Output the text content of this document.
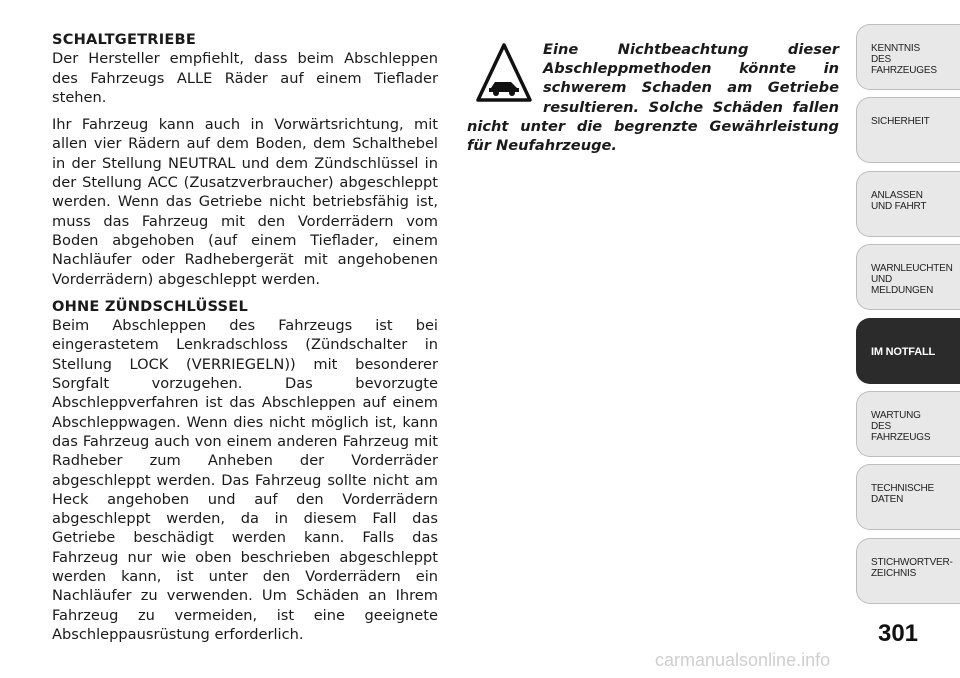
SCHALTGETRIEBE

Der Hersteller empfiehlt, dass beim Abschleppen des Fahrzeugs ALLE Räder auf einem Tieflader stehen.

Ihr Fahrzeug kann auch in Vorwärtsrichtung, mit allen vier Rädern auf dem Boden, dem Schalthebel in der Stellung NEUTRAL und dem Zündschlüssel in der Stellung ACC (Zusatzverbraucher) abgeschleppt werden. Wenn das Getriebe nicht betriebsfähig ist, muss das Fahrzeug mit den Vorderrädern vom Boden abgehoben (auf einem Tieflader, einem Nachläufer oder Radhebergerät mit angehobenen Vorderrädern) abgeschleppt werden.

OHNE ZÜNDSCHLÜSSEL

Beim Abschleppen des Fahrzeugs ist bei eingerastetem Lenkradschloss (Zündschalter in Stellung LOCK (VERRIEGELN)) mit besonderer Sorgfalt vorzugehen. Das bevorzugte Abschleppverfahren ist das Abschleppen auf einem Abschleppwagen. Wenn dies nicht möglich ist, kann das Fahrzeug auch von einem anderen Fahrzeug mit Radheber zum Anheben der Vorderräder abgeschleppt werden. Das Fahrzeug sollte nicht am Heck angehoben und auf den Vorderrädern abgeschleppt werden, da in diesem Fall das Getriebe beschädigt werden kann. Falls das Fahrzeug nur wie oben beschrieben abgeschleppt werden kann, ist unter den Vorderrädern ein Nachläufer zu verwenden. Um Schäden an Ihrem Fahrzeug zu vermeiden, ist eine geeignete Abschleppausrüstung erforderlich.

Eine Nichtbeachtung dieser Abschleppmethoden könnte in schwerem Schaden am Getriebe resultieren. Solche Schäden fallen nicht unter die begrenzte Gewährleistung für Neufahrzeuge.

KENNTNIS
DES
FAHRZEUGES
SICHERHEIT
ANLASSEN
UND FAHRT
WARNLEUCHTEN
UND
MELDUNGEN
IM NOTFALL
WARTUNG
DES
FAHRZEUGS
TECHNISCHE
DATEN
STICHWORTVER-
ZEICHNIS
301
carmanualsonline.info
